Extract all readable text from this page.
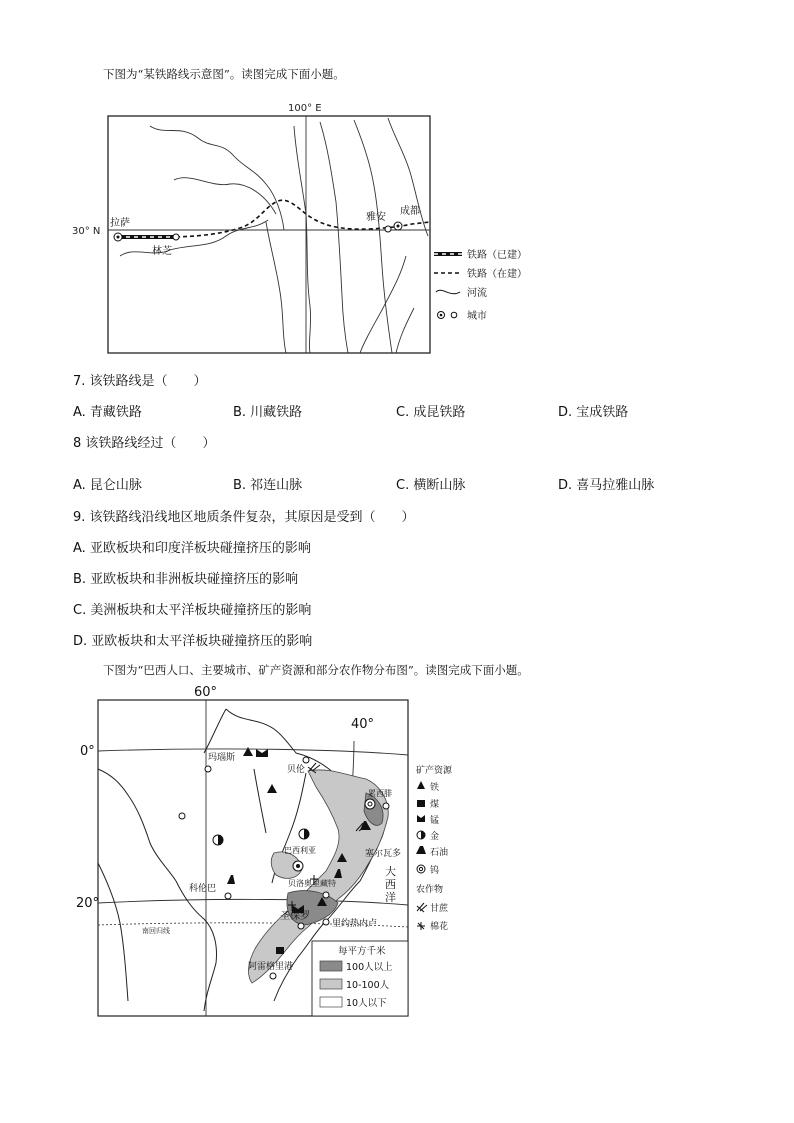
下图为“某铁路线示意图”。读图完成下面小题。
100° E
30° N
拉萨
林芝
雅安
成都
铁路（已建）
铁路（在建）
河流
城市
7. 该铁路线是（　　）
A. 青藏铁路	B. 川藏铁路	C. 成昆铁路	D. 宝成铁路
8 该铁路线经过（　　）
A. 昆仑山脉	B. 祁连山脉	C. 横断山脉	D. 喜马拉雅山脉
9. 该铁路线沿线地区地质条件复杂，其原因是受到（　　）
A. 亚欧板块和印度洋板块碰撞挤压的影响
B. 亚欧板块和非洲板块碰撞挤压的影响
C. 美洲板块和太平洋板块碰撞挤压的影响
D. 亚欧板块和太平洋板块碰撞挤压的影响
下图为“巴西人口、主要城市、矿产资源和部分农作物分布图”。读图完成下面小题。
60°
40°
0°
20°
南回归线
玛瑙斯
贝伦
累西腓
巴西利亚	塞尔瓦多
科伦巴
贝洛奥里藏特
圣保罗
里约热内卢
阿雷格里港
大
西
洋
每平方千米
100人以上
10-100人
10人以下
矿产资源
铁
煤
锰
金
石油
钨
农作物
甘蔗
棉花
